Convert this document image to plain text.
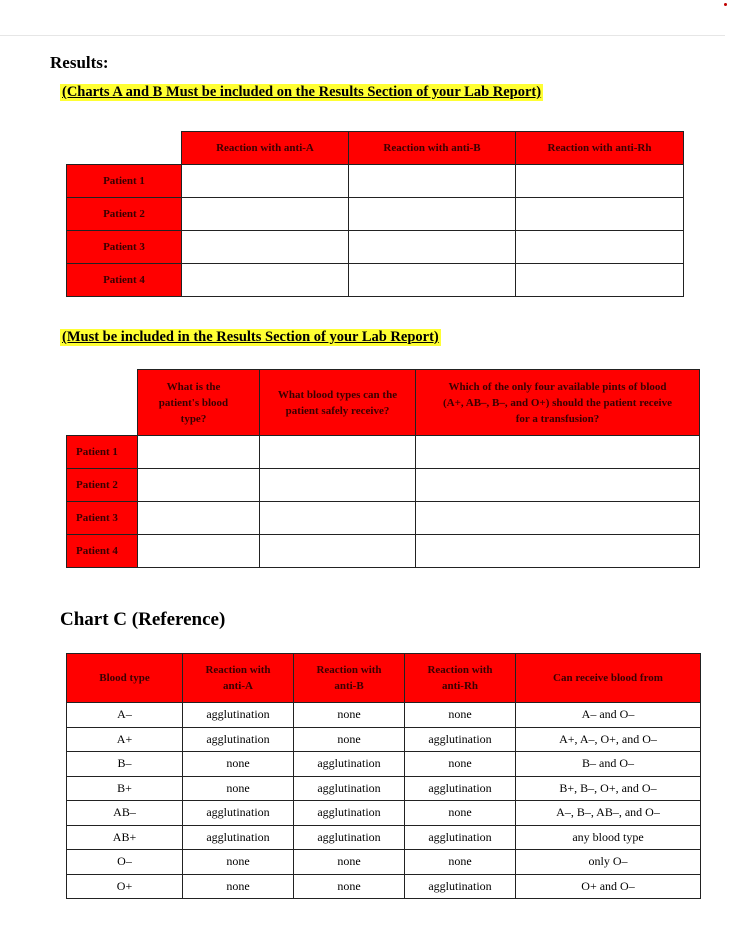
Results:
(Charts A and B Must be included on the Results Section of your Lab Report)
	Reaction with anti-A	Reaction with anti-B	Reaction with anti-Rh
Patient 1			
Patient 2			
Patient 3			
Patient 4			
(Must be included in the Results Section of your Lab Report)
	What is the patient's blood type?	What blood types can the patient safely receive?	Which of the only four available pints of blood (A+, AB–, B–, and O+) should the patient receive for a transfusion?
Patient 1			
Patient 2			
Patient 3			
Patient 4			
Chart C (Reference)
Blood type	Reaction with anti-A	Reaction with anti-B	Reaction with anti-Rh	Can receive blood from
A–	agglutination	none	none	A– and O–
A+	agglutination	none	agglutination	A+, A–, O+, and O–
B–	none	agglutination	none	B– and O–
B+	none	agglutination	agglutination	B+, B–, O+, and O–
AB–	agglutination	agglutination	none	A–, B–, AB–, and O–
AB+	agglutination	agglutination	agglutination	any blood type
O–	none	none	none	only O–
O+	none	none	agglutination	O+ and O–
